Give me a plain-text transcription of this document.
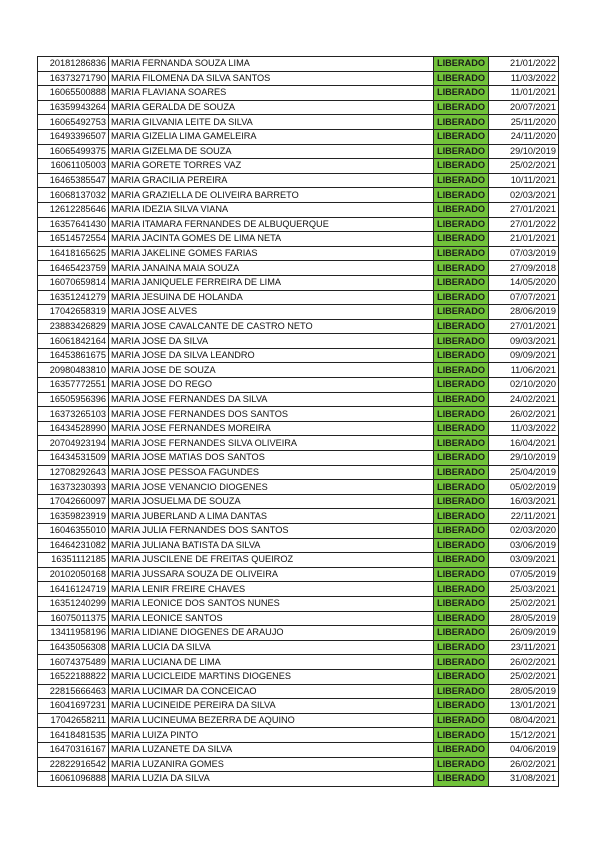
20181286836	MARIA FERNANDA SOUZA LIMA	LIBERADO	21/01/2022
16373271790	MARIA FILOMENA DA SILVA SANTOS	LIBERADO	11/03/2022
16065500888	MARIA FLAVIANA SOARES	LIBERADO	11/01/2021
16359943264	MARIA GERALDA DE SOUZA	LIBERADO	20/07/2021
16065492753	MARIA GILVANIA LEITE DA SILVA	LIBERADO	25/11/2020
16493396507	MARIA GIZELIA LIMA GAMELEIRA	LIBERADO	24/11/2020
16065499375	MARIA GIZELMA DE SOUZA	LIBERADO	29/10/2019
16061105003	MARIA GORETE TORRES VAZ	LIBERADO	25/02/2021
16465385547	MARIA GRACILIA PEREIRA	LIBERADO	10/11/2021
16068137032	MARIA GRAZIELLA DE OLIVEIRA BARRETO	LIBERADO	02/03/2021
12612285646	MARIA IDEZIA SILVA VIANA	LIBERADO	27/01/2021
16357641430	MARIA ITAMARA FERNANDES DE ALBUQUERQUE	LIBERADO	27/01/2022
16514572554	MARIA JACINTA GOMES DE LIMA NETA	LIBERADO	21/01/2021
16418165625	MARIA JAKELINE GOMES FARIAS	LIBERADO	07/03/2019
16465423759	MARIA JANAINA MAIA SOUZA	LIBERADO	27/09/2018
16070659814	MARIA JANIQUELE FERREIRA DE LIMA	LIBERADO	14/05/2020
16351241279	MARIA JESUINA DE HOLANDA	LIBERADO	07/07/2021
17042658319	MARIA JOSE ALVES	LIBERADO	28/06/2019
23883426829	MARIA JOSE CAVALCANTE DE CASTRO NETO	LIBERADO	27/01/2021
16061842164	MARIA JOSE DA SILVA	LIBERADO	09/03/2021
16453861675	MARIA JOSE DA SILVA LEANDRO	LIBERADO	09/09/2021
20980483810	MARIA JOSE DE SOUZA	LIBERADO	11/06/2021
16357772551	MARIA JOSE DO REGO	LIBERADO	02/10/2020
16505956396	MARIA JOSE FERNANDES DA SILVA	LIBERADO	24/02/2021
16373265103	MARIA JOSE FERNANDES DOS SANTOS	LIBERADO	26/02/2021
16434528990	MARIA JOSE FERNANDES MOREIRA	LIBERADO	11/03/2022
20704923194	MARIA JOSE FERNANDES SILVA OLIVEIRA	LIBERADO	16/04/2021
16434531509	MARIA JOSE MATIAS DOS SANTOS	LIBERADO	29/10/2019
12708292643	MARIA JOSE PESSOA FAGUNDES	LIBERADO	25/04/2019
16373230393	MARIA JOSE VENANCIO DIOGENES	LIBERADO	05/02/2019
17042660097	MARIA JOSUELMA DE SOUZA	LIBERADO	16/03/2021
16359823919	MARIA JUBERLAND A LIMA DANTAS	LIBERADO	22/11/2021
16046355010	MARIA JULIA FERNANDES DOS SANTOS	LIBERADO	02/03/2020
16464231082	MARIA JULIANA BATISTA DA SILVA	LIBERADO	03/06/2019
16351112185	MARIA JUSCILENE DE FREITAS QUEIROZ	LIBERADO	03/09/2021
20102050168	MARIA JUSSARA SOUZA DE OLIVEIRA	LIBERADO	07/05/2019
16416124719	MARIA LENIR FREIRE CHAVES	LIBERADO	25/03/2021
16351240299	MARIA LEONICE DOS SANTOS NUNES	LIBERADO	25/02/2021
16075011375	MARIA LEONICE SANTOS	LIBERADO	28/05/2019
13411958196	MARIA LIDIANE DIOGENES DE ARAUJO	LIBERADO	26/09/2019
16435056308	MARIA LUCIA DA SILVA	LIBERADO	23/11/2021
16074375489	MARIA LUCIANA DE LIMA	LIBERADO	26/02/2021
16522188822	MARIA LUCICLEIDE MARTINS DIOGENES	LIBERADO	25/02/2021
22815666463	MARIA LUCIMAR DA CONCEICAO	LIBERADO	28/05/2019
16041697231	MARIA LUCINEIDE PEREIRA DA SILVA	LIBERADO	13/01/2021
17042658211	MARIA LUCINEUMA BEZERRA DE AQUINO	LIBERADO	08/04/2021
16418481535	MARIA LUIZA PINTO	LIBERADO	15/12/2021
16470316167	MARIA LUZANETE DA SILVA	LIBERADO	04/06/2019
22822916542	MARIA LUZANIRA GOMES	LIBERADO	26/02/2021
16061096888	MARIA LUZIA DA SILVA	LIBERADO	31/08/2021
